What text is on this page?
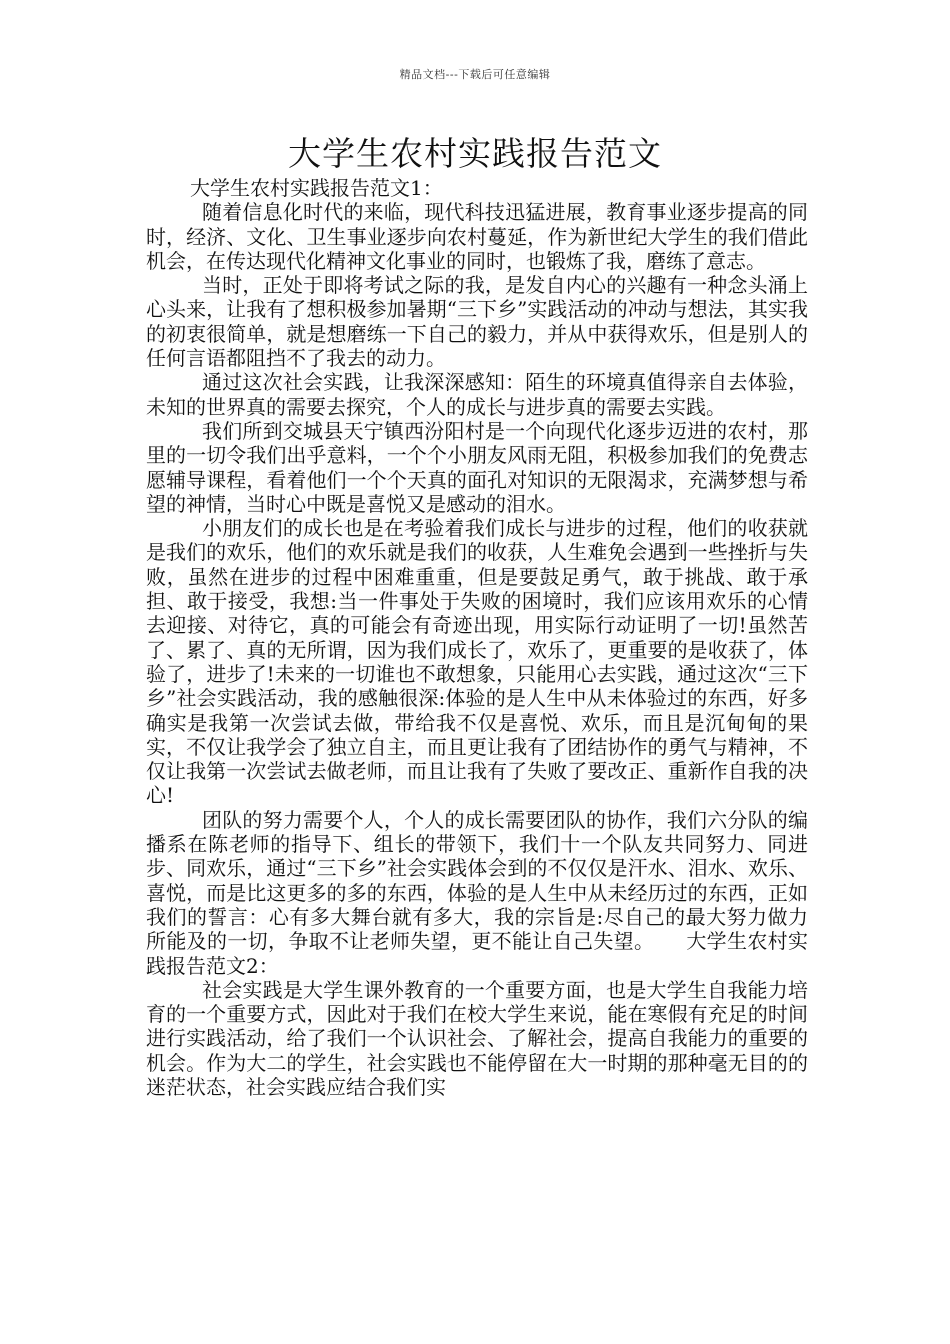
精品文档---下载后可任意编辑
大学生农村实践报告范文

大学生农村实践报告范文1：

随着信息化时代的来临，现代科技迅猛进展，教育事业逐步提高的同时，经济、文化、卫生事业逐步向农村蔓延，作为新世纪大学生的我们借此机会，在传达现代化精神文化事业的同时，也锻炼了我，磨练了意志。

当时，正处于即将考试之际的我，是发自内心的兴趣有一种念头涌上心头来，让我有了想积极参加暑期“三下乡”实践活动的冲动与想法，其实我的初衷很简单，就是想磨练一下自己的毅力，并从中获得欢乐，但是别人的任何言语都阻挡不了我去的动力。

通过这次社会实践，让我深深感知：陌生的环境真值得亲自去体验，未知的世界真的需要去探究，个人的成长与进步真的需要去实践。

我们所到交城县天宁镇西汾阳村是一个向现代化逐步迈进的农村，那里的一切令我们出乎意料，一个个小朋友风雨无阻，积极参加我们的免费志愿辅导课程，看着他们一个个天真的面孔对知识的无限渴求，充满梦想与希望的神情，当时心中既是喜悦又是感动的泪水。

小朋友们的成长也是在考验着我们成长与进步的过程，他们的收获就是我们的欢乐，他们的欢乐就是我们的收获，人生难免会遇到一些挫折与失败，虽然在进步的过程中困难重重，但是要鼓足勇气，敢于挑战、敢于承担、敢于接受，我想:当一件事处于失败的困境时，我们应该用欢乐的心情去迎接、对待它，真的可能会有奇迹出现，用实际行动证明了一切!虽然苦了、累了、真的无所谓，因为我们成长了，欢乐了，更重要的是收获了，体验了，进步了!未来的一切谁也不敢想象，只能用心去实践，通过这次“三下乡”社会实践活动，我的感触很深:体验的是人生中从未体验过的东西，好多确实是我第一次尝试去做，带给我不仅是喜悦、欢乐，而且是沉甸甸的果实，不仅让我学会了独立自主，而且更让我有了团结协作的勇气与精神，不仅让我第一次尝试去做老师，而且让我有了失败了要改正、重新作自我的决心!

团队的努力需要个人，个人的成长需要团队的协作，我们六分队的编播系在陈老师的指导下、组长的带领下，我们十一个队友共同努力、同进步、同欢乐，通过“三下乡”社会实践体会到的不仅仅是汗水、泪水、欢乐、喜悦，而是比这更多的多的东西，体验的是人生中从未经历过的东西，正如我们的誓言：心有多大舞台就有多大，我的宗旨是:尽自己的最大努力做力所能及的一切，争取不让老师失望，更不能让自己失望。 大学生农村实践报告范文2：

社会实践是大学生课外教育的一个重要方面，也是大学生自我能力培育的一个重要方式，因此对于我们在校大学生来说，能在寒假有充足的时间进行实践活动，给了我们一个认识社会、了解社会，提高自我能力的重要的机会。作为大二的学生，社会实践也不能停留在大一时期的那种毫无目的的迷茫状态，社会实践应结合我们实
